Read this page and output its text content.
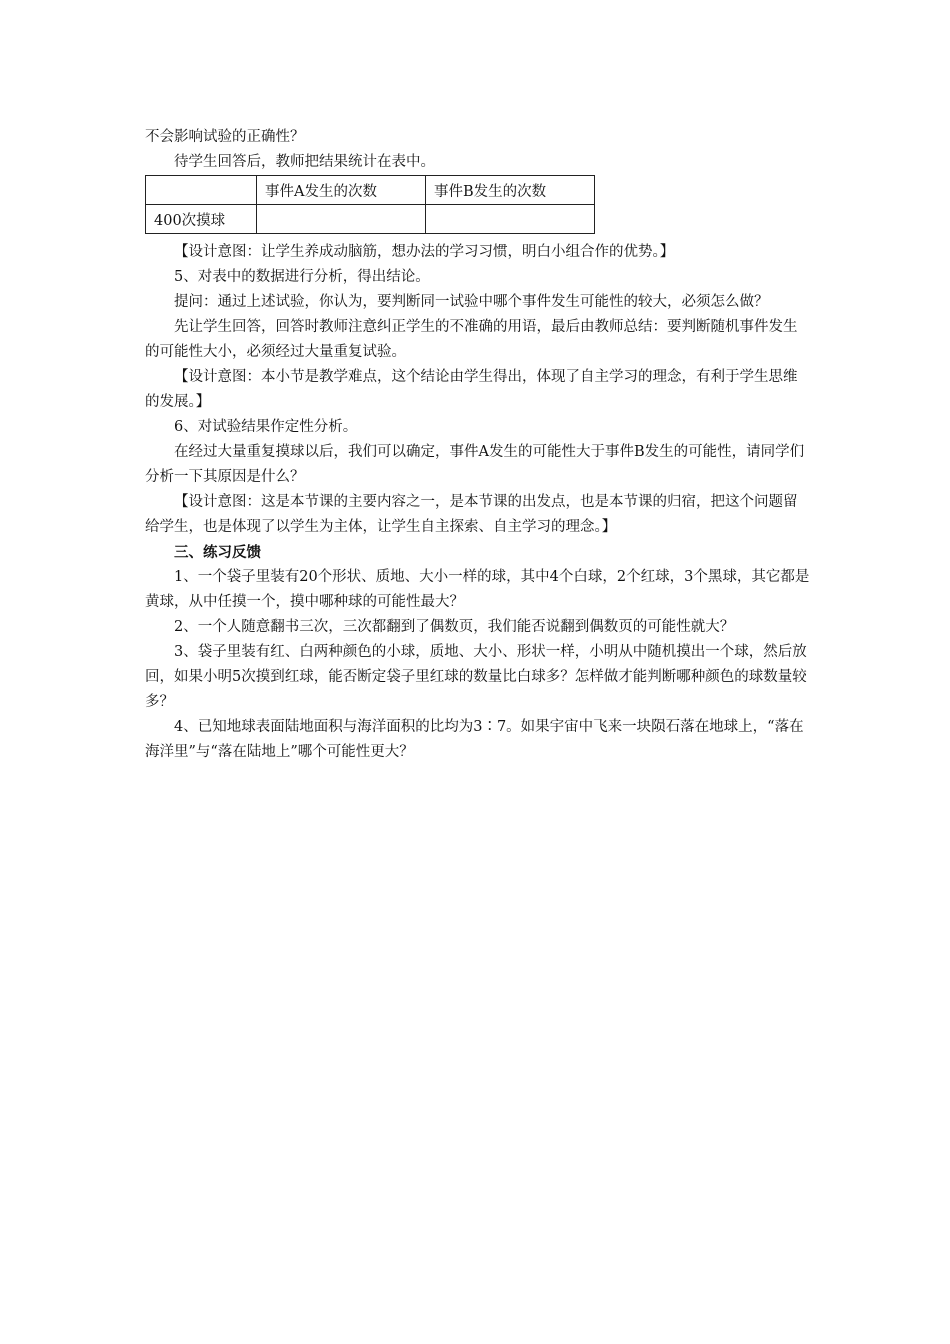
不会影响试验的正确性？

待学生回答后，教师把结果统计在表中。

	事件A发生的次数	事件B发生的次数
400次摸球		

【设计意图：让学生养成动脑筋，想办法的学习习惯，明白小组合作的优势。】

5、对表中的数据进行分析，得出结论。

提问：通过上述试验，你认为，要判断同一试验中哪个事件发生可能性的较大，必须怎么做？

先让学生回答，回答时教师注意纠正学生的不准确的用语，最后由教师总结：要判断随机事件发生的可能性大小，必须经过大量重复试验。

【设计意图：本小节是教学难点，这个结论由学生得出，体现了自主学习的理念，有利于学生思维的发展。】

6、对试验结果作定性分析。

在经过大量重复摸球以后，我们可以确定，事件A发生的可能性大于事件B发生的可能性，请同学们分析一下其原因是什么？

【设计意图：这是本节课的主要内容之一，是本节课的出发点，也是本节课的归宿，把这个问题留给学生，也是体现了以学生为主体，让学生自主探索、自主学习的理念。】

三、练习反馈

1、一个袋子里装有20个形状、质地、大小一样的球，其中4个白球，2个红球，3个黑球，其它都是黄球，从中任摸一个，摸中哪种球的可能性最大？

2、一个人随意翻书三次，三次都翻到了偶数页，我们能否说翻到偶数页的可能性就大？

3、袋子里装有红、白两种颜色的小球，质地、大小、形状一样，小明从中随机摸出一个球，然后放回，如果小明5次摸到红球，能否断定袋子里红球的数量比白球多？怎样做才能判断哪种颜色的球数量较多？

4、已知地球表面陆地面积与海洋面积的比均为3∶7。如果宇宙中飞来一块陨石落在地球上，“落在海洋里”与“落在陆地上”哪个可能性更大？
